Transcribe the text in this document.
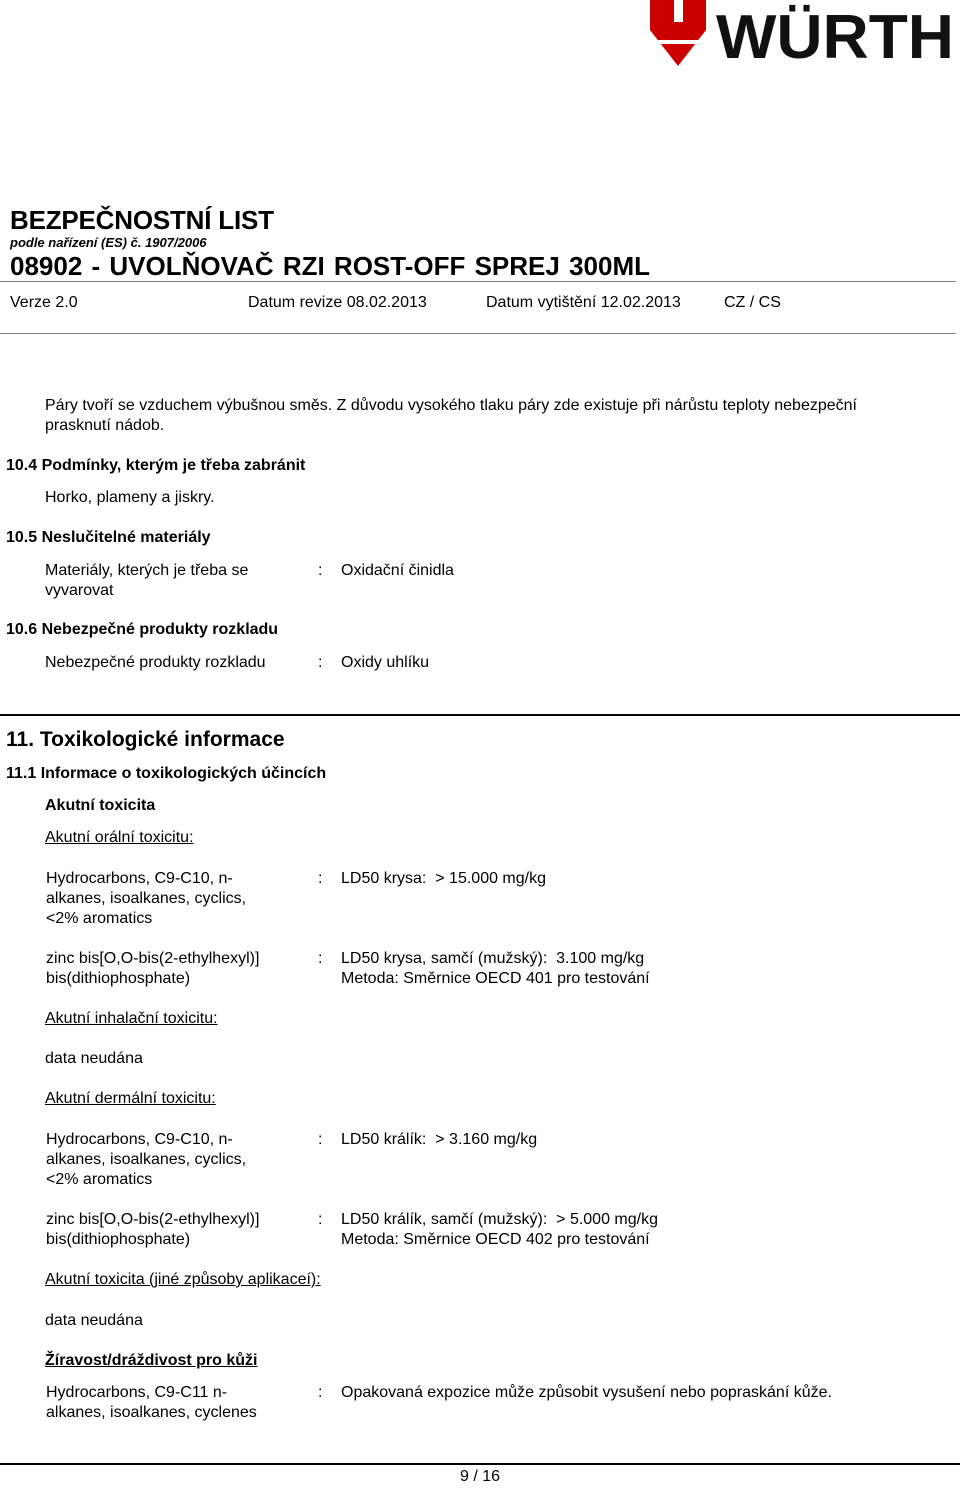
WÜRTH
BEZPEČNOSTNÍ LIST
podle nařízení (ES) č. 1907/2006
08902 - UVOLŇOVAČ RZI ROST-OFF SPREJ 300ML
Verze 2.0	Datum revize 08.02.2013	Datum vytištění 12.02.2013	CZ / CS
Páry tvoří se vzduchem výbušnou směs. Z důvodu vysokého tlaku páry zde existuje při nárůstu teploty nebezpeční
prasknutí nádob.
10.4 Podmínky, kterým je třeba zabránit
Horko, plameny a jiskry.
10.5 Neslučitelné materiály
Materiály, kterých je třeba se
vyvarovat
: Oxidační činidla
10.6 Nebezpečné produkty rozkladu
Nebezpečné produkty rozkladu	: Oxidy uhlíku
11. Toxikologické informace
11.1 Informace o toxikologických účincích
Akutní toxicita
Akutní orální toxicitu:
Hydrocarbons, C9-C10, n-
alkanes, isoalkanes, cyclics,
<2% aromatics
: LD50 krysa:  > 15.000 mg/kg
zinc bis[O,O-bis(2-ethylhexyl)]
bis(dithiophosphate)
: LD50 krysa, samčí (mužský):  3.100 mg/kg
Metoda: Směrnice OECD 401 pro testování
Akutní inhalační toxicitu:
data neudána
Akutní dermální toxicitu:
Hydrocarbons, C9-C10, n-
alkanes, isoalkanes, cyclics,
<2% aromatics
: LD50 králík:  > 3.160 mg/kg
zinc bis[O,O-bis(2-ethylhexyl)]
bis(dithiophosphate)
: LD50 králík, samčí (mužský):  > 5.000 mg/kg
Metoda: Směrnice OECD 402 pro testování
Akutní toxicita (jiné způsoby aplikaceí):
data neudána
Žíravost/dráždivost pro kůži
Hydrocarbons, C9-C11 n-
alkanes, isoalkanes, cyclenes
: Opakovaná expozice může způsobit vysušení nebo popraskání kůže.
9 / 16
